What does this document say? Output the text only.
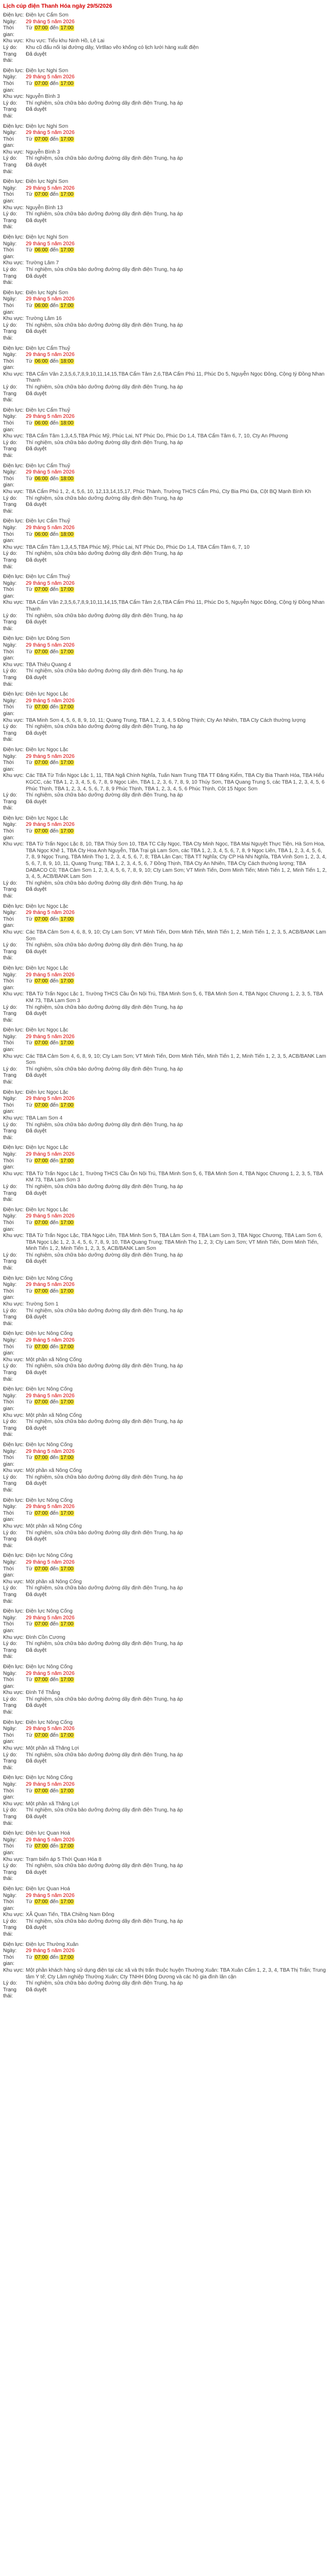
Lịch cúp điện Thanh Hóa ngày 29/5/2026
Điện lực: Điện lực Cẩm Sơn
Ngày:	29 tháng 5 năm 2026
Thời gian:
Từ 07:00 đến 17:00
Khu vực: Khu vực: Tiểu khu Ninh Hồ, Lê Lai
Lý do:	Khu cũ đấu nối lại đường dây, Virtllao vẽo khống có lịch lưới hàng xuất điện
Trạng thái:
Đã duyệt
Điện lực: Điện lực Nghi Sơn
Ngày:	29 tháng 5 năm 2026
Thời gian:
Từ 07:00 đến 17:00
Khu vực: Nguyễn Bình 3
Lý do:	Thí nghiệm, sửa chữa bảo dưỡng đường dây định điện Trung, hạ áp
Trạng thái:
Đã duyệt
Điện lực: Điện lực Nghi Sơn
Ngày:	29 tháng 5 năm 2026
Thời gian:
Từ 07:00 đến 17:00
Khu vực: Nguyễn Bình 3
Lý do:	Thí nghiệm, sửa chữa bảo dưỡng đường dây định điện Trung, hạ áp
Trạng thái:
Đã duyệt
Điện lực: Điện lực Nghi Sơn
Ngày:	29 tháng 5 năm 2026
Thời gian:
Từ 07:00 đến 17:00
Khu vực: Nguyễn Bình 13
Lý do:	Thí nghiệm, sửa chữa bảo dưỡng đường dây định điện Trung, hạ áp
Trạng thái:
Đã duyệt
Điện lực: Điện lực Nghi Sơn
Ngày:	29 tháng 5 năm 2026
Thời gian:
Từ 06:00 đến 17:00
Khu vực: Trường Lâm 7
Lý do:	Thí nghiệm, sửa chữa bảo dưỡng đường dây định điện Trung, hạ áp
Trạng thái:
Đã duyệt
Điện lực: Điện lực Nghi Sơn
Ngày:	29 tháng 5 năm 2026
Thời gian:
Từ 06:00 đến 17:00
Khu vực: Trường Lâm 16
Lý do:	Thí nghiệm, sửa chữa bảo dưỡng đường dây định điện Trung, hạ áp
Trạng thái:
Đã duyệt
Điện lực: Điện lực Cẩm Thuỷ
Ngày:	29 tháng 5 năm 2026
Thời gian:
Từ 06:00 đến 18:00
Khu vực: TBA Cẩm Vân 2,3,5,6,7,8,9,10,11,14,15,TBA Cẩm Tâm 2,6,TBA Cẩm Phú 11, Phúc Do 5, Nguyễn Ngọc Đông, Cộng tý Đồng Nhan Thanh
Lý do:	Thí nghiệm, sửa chữa bảo dưỡng đường dây định điện Trung, hạ áp
Trạng thái:
Đã duyệt
Điện lực: Điện lực Cẩm Thuỷ
Ngày:	29 tháng 5 năm 2026
Thời gian:
Từ 06:00 đến 18:00
Khu vực: TBA Cẩm Tâm 1,3,4,5,TBA Phúc Mỹ, Phúc Lai, NT Phúc Do, Phúc Do 1,4, TBA Cẩm Tâm 6, 7, 10, Cty An Phương
Lý do:	Thí nghiệm, sửa chữa bảo dưỡng đường dây định điện Trung, hạ áp
Trạng thái:
Đã duyệt
Điện lực: Điện lực Cẩm Thuỷ
Ngày:	29 tháng 5 năm 2026
Thời gian:
Từ 06:00 đến 18:00
Khu vực: TBA Cẩm Phú 1, 2, 4, 5,6, 10, 12,13,14,15,17, Phúc Thành, Trường THCS Cẩm Phú, Cty Bia Phú Đa, Cột BQ Mạnh Bình Kh
Lý do:	Thí nghiệm, sửa chữa bảo dưỡng đường dây định điện Trung, hạ áp
Trạng thái:
Đã duyệt
Điện lực: Điện lực Cẩm Thuỷ
Ngày:	29 tháng 5 năm 2026
Thời gian:
Từ 06:00 đến 18:00
Khu vực: TBA Cẩm Tâm 1,3,4,5,TBA Phúc Mỹ, Phúc Lai, NT Phúc Do, Phúc Do 1,4, TBA Cẩm Tâm 6, 7, 10
Lý do:	Thí nghiệm, sửa chữa bảo dưỡng đường dây định điện Trung, hạ áp
Trạng thái:
Đã duyệt
Điện lực: Điện lực Cẩm Thuỷ
Ngày:	29 tháng 5 năm 2026
Thời gian:
Từ 07:00 đến 17:00
Khu vực: TBA Cẩm Vân 2,3,5,6,7,8,9,10,11,14,15,TBA Cẩm Tâm 2,6,TBA Cẩm Phú 11, Phúc Do 5, Nguyễn Ngọc Đông, Cộng tý Đồng Nhan Thanh
Lý do:	Thí nghiệm, sửa chữa bảo dưỡng đường dây định điện Trung, hạ áp
Trạng thái:
Đã duyệt
Điện lực: Điện lực Đông Sơn
Ngày:	29 tháng 5 năm 2026
Thời gian:
Từ 07:00 đến 17:00
Khu vực: TBA Thiệu Quang 4
Lý do:	Thí nghiệm, sửa chữa bảo dưỡng đường dây định điện Trung, hạ áp
Trạng thái:
Đã duyệt
Điện lực: Điện lực Ngọc Lặc
Ngày:	29 tháng 5 năm 2026
Thời gian:
Từ 07:00 đến 17:00
Khu vực: TBA Minh Sơn 4, 5, 6, 8, 9, 10, 11; Quang Trung, TBA 1, 2, 3, 4, 5 Đồng Thịnh; Cty An Nhiên, TBA Cty Cách thường lượng
Lý do:	Thí nghiệm, sửa chữa bảo dưỡng đường dây định điện Trung, hạ áp
Trạng thái:
Đã duyệt
Điện lực: Điện lực Ngọc Lặc
Ngày:	29 tháng 5 năm 2026
Thời gian:
Từ 07:00 đến 17:00
Khu vực: Các TBA Từ Trấn Ngọc Lặc 1, 11, TBA Ngã Chính Nghĩa, Tuấn Nam Trung TBA TT Đăng Kiểm, TBA Cty Bia Thanh Hóa, TBA Hiếu KGCC, các TBA 1, 2, 3, 4, 5, 6, 7, 8, 9 Ngọc Liên, TBA 1, 2, 3, 6, 7, 8, 9, 10 Thúy Sơn, TBA Quang Trung 5, các TBA 1, 2, 3, 4, 5, 6 Phúc Thịnh, TBA 1, 2, 3, 4, 5, 6, 7, 8, 9 Phúc Thịnh, TBA 1, 2, 3, 4, 5, 6 Phúc Thịnh, Cột 15 Ngọc Sơn
Lý do:	Thí nghiệm, sửa chữa bảo dưỡng đường dây định điện Trung, hạ áp
Trạng thái:
Đã duyệt
Điện lực: Điện lực Ngọc Lặc
Ngày:	29 tháng 5 năm 2026
Thời gian:
Từ 07:00 đến 17:00
Khu vực: TBA Từ Trấn Ngọc Lặc 8, 10, TBA Thúy Sơn 10, TBA TC Cây Ngọc, TBA Cty Minh Ngọc, TBA Mai Nguyệt Thực Tiện, Hà Sơn Hoa, TBA Ngọc Khê 1, TBA Cty Hoa Anh Nguyễn, TBA Trại gà Lam Sơn, các TBA 1, 2, 3, 4, 5, 6, 7, 8, 9 Ngọc Liên, TBA 1, 2, 3, 4, 5, 6, 7, 8, 9 Ngọc Trung, TBA Minh Thọ 1, 2, 3, 4, 5, 6, 7, 8; TBA Lân Cạn; TBA TT Nghĩa; Cty CP Hà Nhi Nghĩa, TBA Vinh Sơn 1, 2, 3, 4, 5, 6, 7, 8, 9, 10, 11, Quang Trung; TBA 1, 2, 3, 4, 5, 6, 7 Đồng Thịnh, TBA Cty An Nhiên, TBA Cty Cách thường lượng; TBA DABACO Cũ; TBA Cảm Sơn 1, 2, 3, 4, 5, 6, 7, 8, 9, 10; Cty Lam Sơn; VT Minh Tiến, Dơm Minh Tiến; Minh Tiến 1, 2, Minh Tiến 1, 2, 3, 4, 5, ACB/BANK Lam Sơn
Lý do:	Thí nghiệm, sửa chữa bảo dưỡng đường dây định điện Trung, hạ áp
Trạng thái:
Đã duyệt
Điện lực: Điện lực Ngọc Lặc
Ngày:	29 tháng 5 năm 2026
Thời gian:
Từ 07:00 đến 17:00
Khu vực: Các TBA Cảm Sơn 4, 6, 8, 9, 10; Cty Lam Sơn; VT Minh Tiến, Dơm Minh Tiến, Minh Tiến 1, 2, Minh Tiến 1, 2, 3, 5, ACB/BANK Lam Sơn
Lý do:	Thí nghiệm, sửa chữa bảo dưỡng đường dây định điện Trung, hạ áp
Trạng thái:
Đã duyệt
Điện lực: Điện lực Ngọc Lặc
Ngày:	29 tháng 5 năm 2026
Thời gian:
Từ 07:00 đến 17:00
Khu vực: TBA Từ Trấn Ngọc Lặc 1, Trường THCS Cầu Ôn Nội Trú, TBA Minh Sơn 5, 6, TBA Minh Sơn 4, TBA Ngọc Chương 1, 2, 3, 5, TBA KM 73, TBA Lam Sơn 3
Lý do:	Thí nghiệm, sửa chữa bảo dưỡng đường dây định điện Trung, hạ áp
Trạng thái:
Đã duyệt
Điện lực: Điện lực Ngọc Lặc
Ngày:	29 tháng 5 năm 2026
Thời gian:
Từ 07:00 đến 17:00
Khu vực: Các TBA Cảm Sơn 4, 6, 8, 9, 10; Cty Lam Sơn; VT Minh Tiến, Dơm Minh Tiến, Minh Tiến 1, 2, Minh Tiến 1, 2, 3, 5, ACB/BANK Lam Sơn
Lý do:	Thí nghiệm, sửa chữa bảo dưỡng đường dây định điện Trung, hạ áp
Trạng thái:
Đã duyệt
Điện lực: Điện lực Ngọc Lặc
Ngày:	29 tháng 5 năm 2026
Thời gian:
Từ 07:00 đến 17:00
Khu vực: TBA Lam Sơn 4
Lý do:	Thí nghiệm, sửa chữa bảo dưỡng đường dây định điện Trung, hạ áp
Trạng thái:
Đã duyệt
Điện lực: Điện lực Ngọc Lặc
Ngày:	29 tháng 5 năm 2026
Thời gian:
Từ 07:00 đến 17:00
Khu vực: TBA Từ Trấn Ngọc Lặc 1, Trường THCS Cầu Ôn Nội Trú, TBA Minh Sơn 5, 6, TBA Minh Sơn 4, TBA Ngọc Chương 1, 2, 3, 5, TBA KM 73, TBA Lam Sơn 3
Lý do:	Thí nghiệm, sửa chữa bảo dưỡng đường dây định điện Trung, hạ áp
Trạng thái:
Đã duyệt
Điện lực: Điện lực Ngọc Lặc
Ngày:	29 tháng 5 năm 2026
Thời gian:
Từ 07:00 đến 17:00
Khu vực: TBA Từ Trấn Ngọc Lặc, TBA Ngọc Liên, TBA Minh Sơn 5, TBA Lâm Sơn 4, TBA Lam Sơn 3, TBA Ngọc Chương, TBA Lam Sơn 6, TBA Ngọc Lặc 1, 2, 3, 4, 5, 6, 7, 8, 9, 10, TBA Quang Trung; TBA Minh Thọ 1, 2, 3; Cty Lam Sơn; VT Minh Tiến, Dơm Minh Tiến, Minh Tiến 1, 2, Minh Tiến 1, 2, 3, 5, ACB/BANK Lam Sơn
Lý do:	Thí nghiệm, sửa chữa bảo dưỡng đường dây định điện Trung, hạ áp
Trạng thái:
Đã duyệt
Điện lực: Điện lực Nông Cống
Ngày:	29 tháng 5 năm 2026
Thời gian:
Từ 07:00 đến 17:00
Khu vực: Trường Sơn 1
Lý do:	Thí nghiệm, sửa chữa bảo dưỡng đường dây định điện Trung, hạ áp
Trạng thái:
Đã duyệt
Điện lực: Điện lực Nông Cống
Ngày:	29 tháng 5 năm 2026
Thời gian:
Từ 07:00 đến 17:00
Khu vực: Một phần xã Nông Cống
Lý do:	Thí nghiệm, sửa chữa bảo dưỡng đường dây định điện Trung, hạ áp
Trạng thái:
Đã duyệt
Điện lực: Điện lực Nông Cống
Ngày:	29 tháng 5 năm 2026
Thời gian:
Từ 07:00 đến 17:00
Khu vực: Một phần xã Nông Cống
Lý do:	Thí nghiệm, sửa chữa bảo dưỡng đường dây định điện Trung, hạ áp
Trạng thái:
Đã duyệt
Điện lực: Điện lực Nông Cống
Ngày:	29 tháng 5 năm 2026
Thời gian:
Từ 07:00 đến 17:00
Khu vực: Một phần xã Nông Cống
Lý do:	Thí nghiệm, sửa chữa bảo dưỡng đường dây định điện Trung, hạ áp
Trạng thái:
Đã duyệt
Điện lực: Điện lực Nông Cống
Ngày:	29 tháng 5 năm 2026
Thời gian:
Từ 07:00 đến 17:00
Khu vực: Một phần xã Nông Cống
Lý do:	Thí nghiệm, sửa chữa bảo dưỡng đường dây định điện Trung, hạ áp
Trạng thái:
Đã duyệt
Điện lực: Điện lực Nông Cống
Ngày:	29 tháng 5 năm 2026
Thời gian:
Từ 07:00 đến 17:00
Khu vực: Một phần xã Nông Cống
Lý do:	Thí nghiệm, sửa chữa bảo dưỡng đường dây định điện Trung, hạ áp
Trạng thái:
Đã duyệt
Điện lực: Điện lực Nông Cống
Ngày:	29 tháng 5 năm 2026
Thời gian:
Từ 07:00 đến 17:00
Khu vực: Đình Cồn Cương
Lý do:	Thí nghiệm, sửa chữa bảo dưỡng đường dây định điện Trung, hạ áp
Trạng thái:
Đã duyệt
Điện lực: Điện lực Nông Cống
Ngày:	29 tháng 5 năm 2026
Thời gian:
Từ 07:00 đến 17:00
Khu vực: Đình Tế Thắng
Lý do:	Thí nghiệm, sửa chữa bảo dưỡng đường dây định điện Trung, hạ áp
Trạng thái:
Đã duyệt
Điện lực: Điện lực Nông Cống
Ngày:	29 tháng 5 năm 2026
Thời gian:
Từ 07:00 đến 17:00
Khu vực: Một phần xã Thăng Lợi
Lý do:	Thí nghiệm, sửa chữa bảo dưỡng đường dây định điện Trung, hạ áp
Trạng thái:
Đã duyệt
Điện lực: Điện lực Nông Cống
Ngày:	29 tháng 5 năm 2026
Thời gian:
Từ 07:00 đến 17:00
Khu vực: Một phần xã Thăng Lợi
Lý do:	Thí nghiệm, sửa chữa bảo dưỡng đường dây định điện Trung, hạ áp
Trạng thái:
Đã duyệt
Điện lực: Điện lực Quan Hoá
Ngày:	29 tháng 5 năm 2026
Thời gian:
Từ 07:00 đến 17:00
Khu vực: Trạm biến áp 5 Thới Quan Hóa 8
Lý do:	Thí nghiệm, sửa chữa bảo dưỡng đường dây định điện Trung, hạ áp
Trạng thái:
Đã duyệt
Điện lực: Điện lực Quan Hoá
Ngày:	29 tháng 5 năm 2026
Thời gian:
Từ 07:00 đến 17:00
Khu vực: XÃ Quan Tiến, TBA Chiềng Nam Đông
Lý do:	Thí nghiệm, sửa chữa bảo dưỡng đường dây định điện Trung, hạ áp
Trạng thái:
Đã duyệt
Điện lực: Điện lực Thường Xuân
Ngày:	29 tháng 5 năm 2026
Thời gian:
Từ 07:00 đến 17:00
Khu vực: Một phần khách hàng sử dụng điện tại các xã và thị trấn thuộc huyện Thường Xuân: TBA Xuân Cẩm 1, 2, 3, 4, TBA Thị Trấn; Trung tâm Y tế; Cty Lâm nghiệp Thường Xuân; Cty TNHH Đông Dương và các hộ gia đình lân cận
Lý do:	Thí nghiệm, sửa chữa bảo dưỡng đường dây định điện Trung, hạ áp
Trạng thái:
Đã duyệt
